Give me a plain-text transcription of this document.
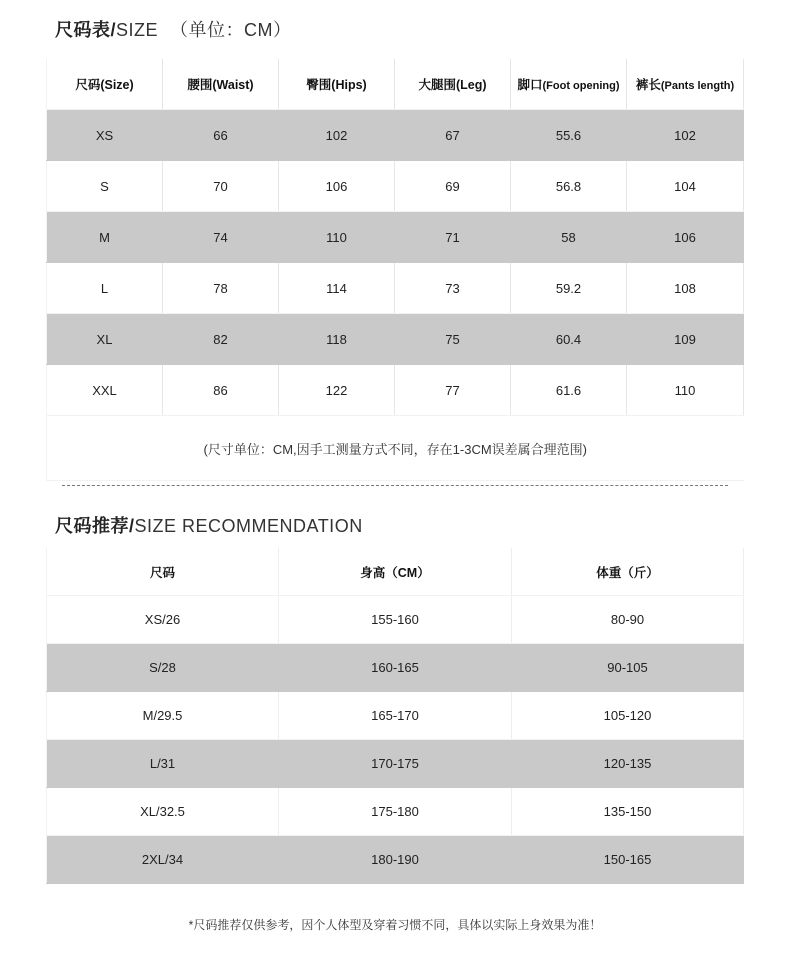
尺码表/SIZE （单位：CM）
尺码(Size)	腰围(Waist)	臀围(Hips)	大腿围(Leg)	脚口(Foot opening)	裤长(Pants length)
XS	66	102	67	55.6	102
S	70	106	69	56.8	104
M	74	110	71	58	106
L	78	114	73	59.2	108
XL	82	118	75	60.4	109
XXL	86	122	77	61.6	110
(尺寸单位：CM,因手工测量方式不同，存在1-3CM误差属合理范围)					
尺码推荐/SIZE RECOMMENDATION
尺码	身高（CM）	体重（斤）
XS/26	155-160	80-90
S/28	160-165	90-105
M/29.5	165-170	105-120
L/31	170-175	120-135
XL/32.5	175-180	135-150
2XL/34	180-190	150-165
*尺码推荐仅供参考，因个人体型及穿着习惯不同，具体以实际上身效果为准！
